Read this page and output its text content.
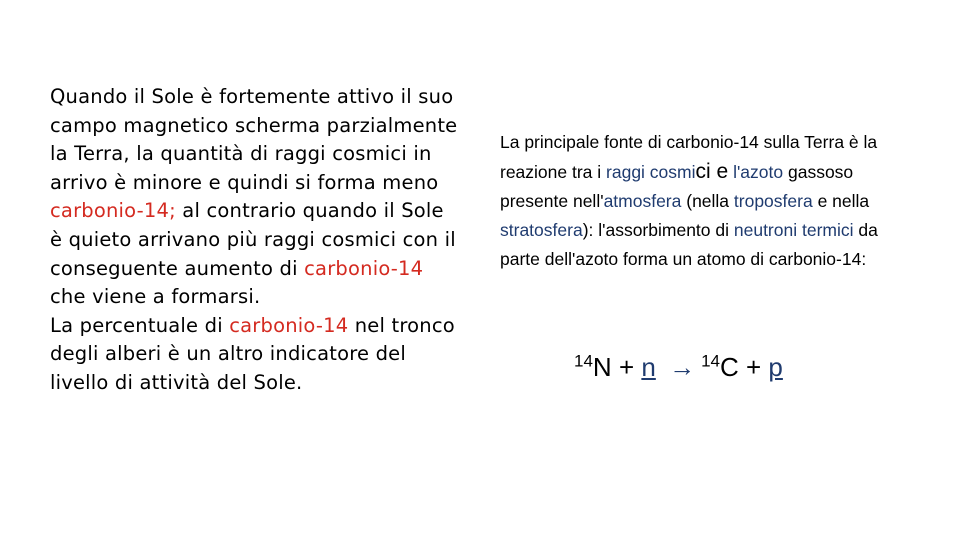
Quando il Sole è fortemente attivo il suo campo magnetico scherma parzialmente la Terra, la quantità di raggi cosmici in arrivo è minore e quindi si forma meno carbonio-14; al contrario quando il Sole è quieto arrivano più raggi cosmici con il conseguente aumento di carbonio-14 che viene a formarsi.
La percentuale di carbonio-14 nel tronco degli alberi è un altro indicatore del livello di attività del Sole.
La principale fonte di carbonio-14 sulla Terra è la reazione tra i raggi cosmici e l'azoto gassoso presente nell'atmosfera (nella troposfera e nella stratosfera): l'assorbimento di neutroni termici da parte dell'azoto forma un atomo di carbonio-14:
$^{14}$N + n → $^{14}$C + p
